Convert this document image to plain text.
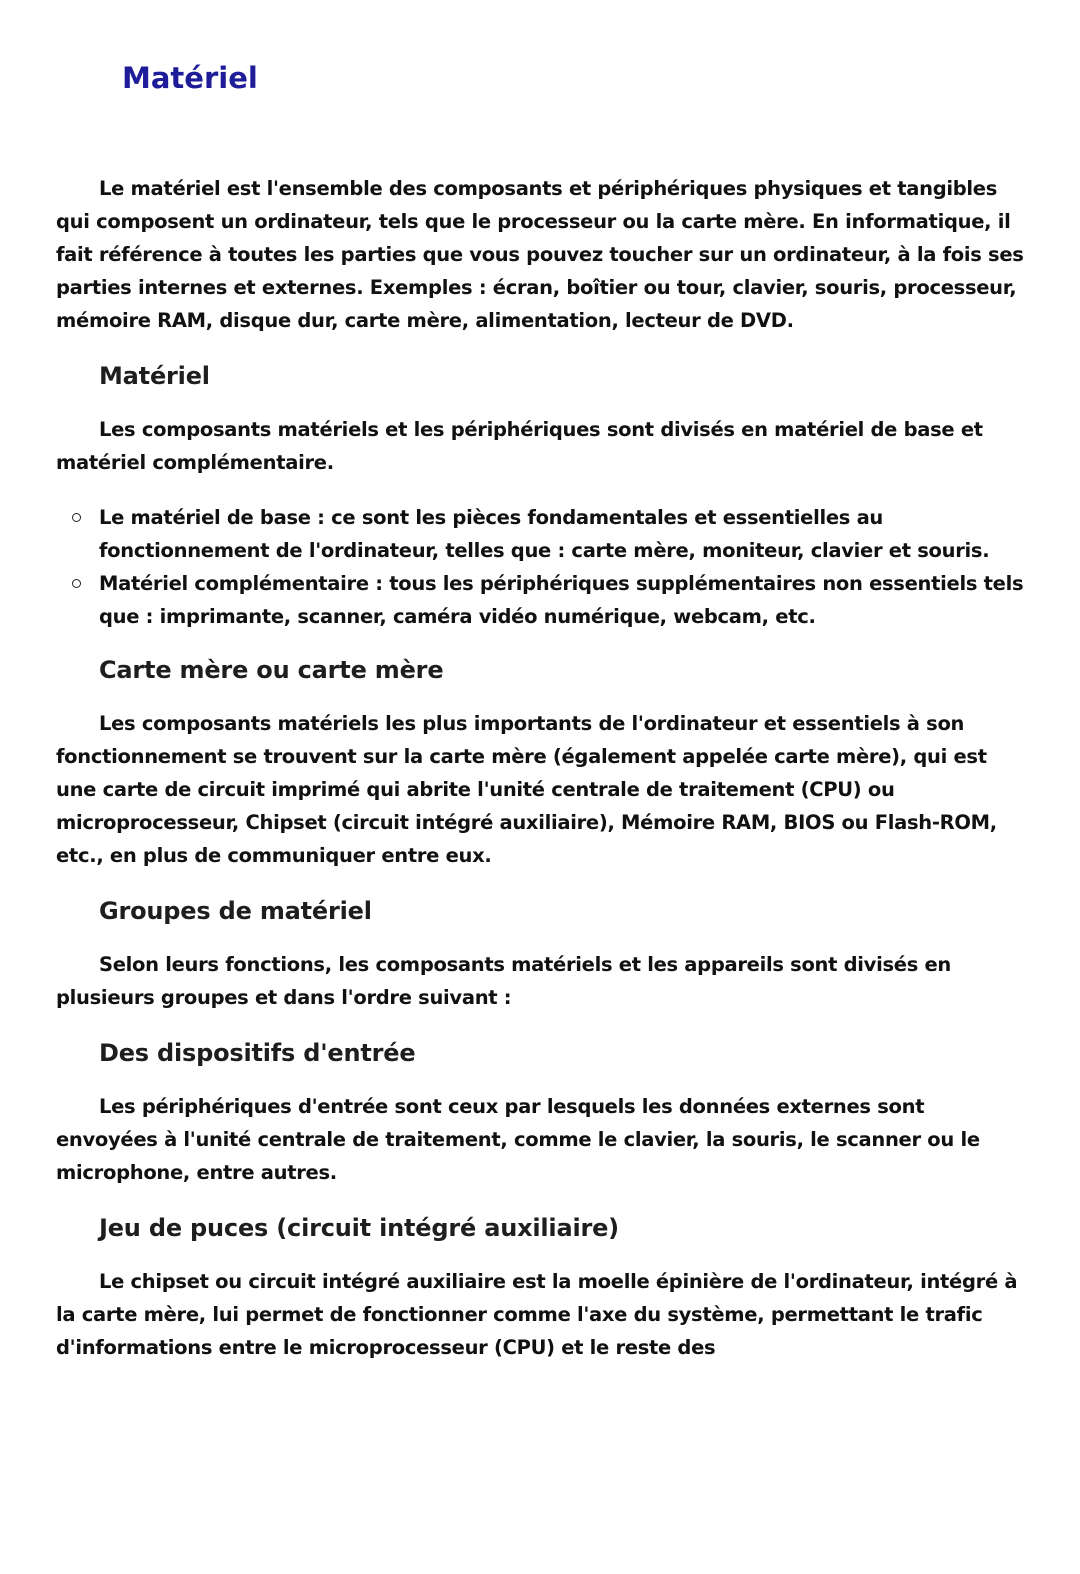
Matériel

Le matériel est l'ensemble des composants et périphériques physiques et tangibles qui composent un ordinateur, tels que le processeur ou la carte mère. En informatique, il fait référence à toutes les parties que vous pouvez toucher sur un ordinateur, à la fois ses parties internes et externes. Exemples : écran, boîtier ou tour, clavier, souris, processeur, mémoire RAM, disque dur, carte mère, alimentation, lecteur de DVD.

Matériel

Les composants matériels et les périphériques sont divisés en matériel de base et matériel complémentaire.

Le matériel de base : ce sont les pièces fondamentales et essentielles au fonctionnement de l'ordinateur, telles que : carte mère, moniteur, clavier et souris.
Matériel complémentaire : tous les périphériques supplémentaires non essentiels tels que : imprimante, scanner, caméra vidéo numérique, webcam, etc.
Carte mère ou carte mère

Les composants matériels les plus importants de l'ordinateur et essentiels à son fonctionnement se trouvent sur la carte mère (également appelée carte mère), qui est une carte de circuit imprimé qui abrite l'unité centrale de traitement (CPU) ou microprocesseur, Chipset (circuit intégré auxiliaire), Mémoire RAM, BIOS ou Flash-ROM, etc., en plus de communiquer entre eux.

Groupes de matériel

Selon leurs fonctions, les composants matériels et les appareils sont divisés en plusieurs groupes et dans l'ordre suivant :

Des dispositifs d'entrée

Les périphériques d'entrée sont ceux par lesquels les données externes sont envoyées à l'unité centrale de traitement, comme le clavier, la souris, le scanner ou le microphone, entre autres.

Jeu de puces (circuit intégré auxiliaire)

Le chipset ou circuit intégré auxiliaire est la moelle épinière de l'ordinateur, intégré à la carte mère, lui permet de fonctionner comme l'axe du système, permettant le trafic d'informations entre le microprocesseur (CPU) et le reste des
